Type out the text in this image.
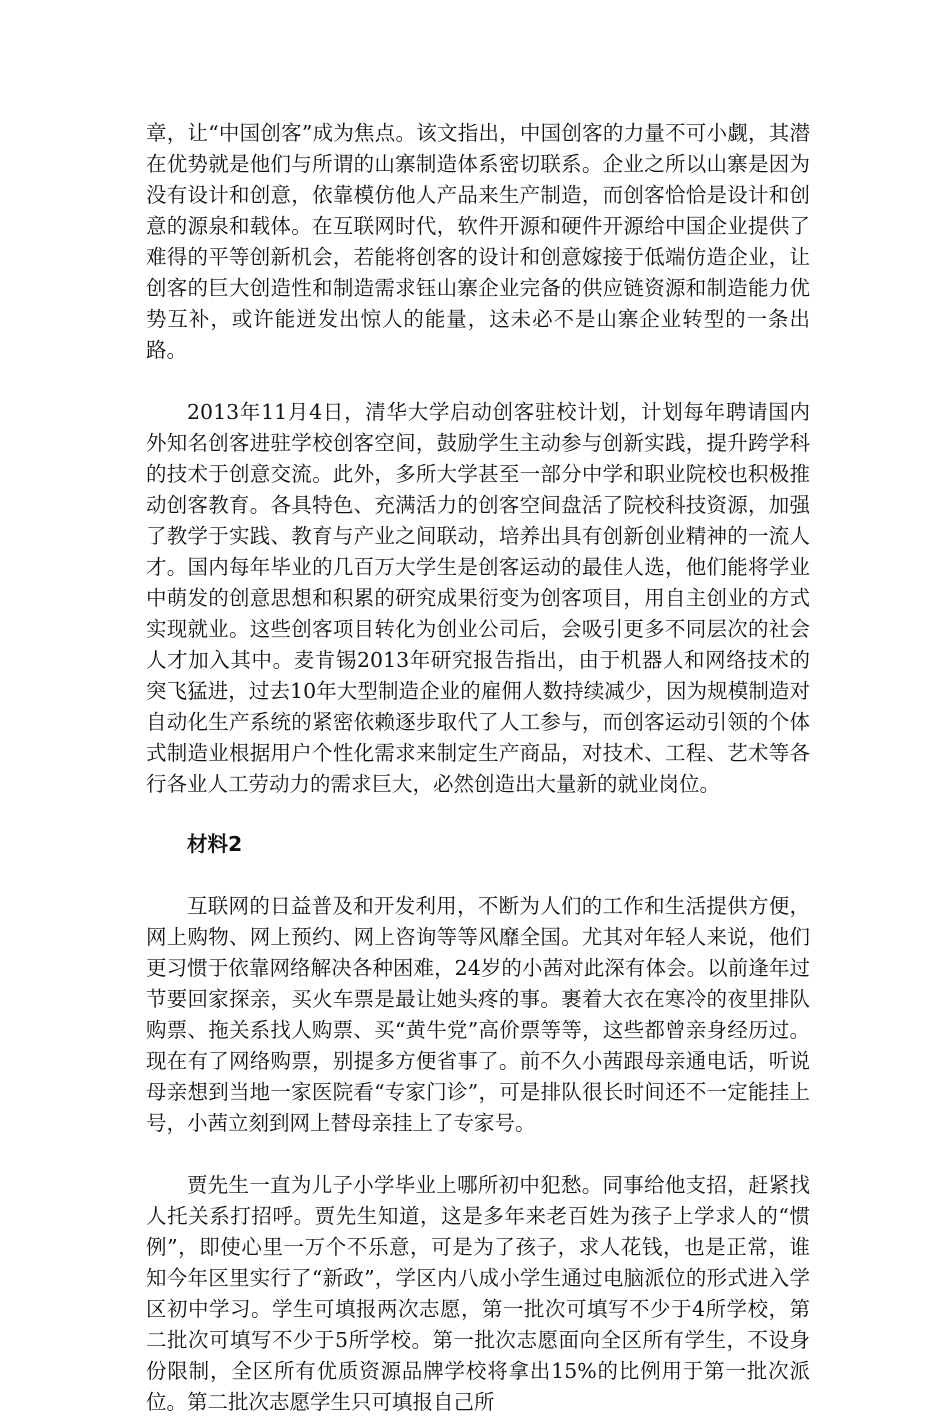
章，让“中国创客”成为焦点。该文指出，中国创客的力量不可小觑，其潜在优势就是他们与所谓的山寨制造体系密切联系。企业之所以山寨是因为没有设计和创意，依靠模仿他人产品来生产制造，而创客恰恰是设计和创意的源泉和载体。在互联网时代，软件开源和硬件开源给中国企业提供了难得的平等创新机会，若能将创客的设计和创意嫁接于低端仿造企业，让创客的巨大创造性和制造需求钰山寨企业完备的供应链资源和制造能力优势互补，或许能迸发出惊人的能量，这未必不是山寨企业转型的一条出路。

2013年11月4日，清华大学启动创客驻校计划，计划每年聘请国内外知名创客进驻学校创客空间，鼓励学生主动参与创新实践，提升跨学科的技术于创意交流。此外，多所大学甚至一部分中学和职业院校也积极推动创客教育。各具特色、充满活力的创客空间盘活了院校科技资源，加强了教学于实践、教育与产业之间联动，培养出具有创新创业精神的一流人才。国内每年毕业的几百万大学生是创客运动的最佳人选，他们能将学业中萌发的创意思想和积累的研究成果衍变为创客项目，用自主创业的方式实现就业。这些创客项目转化为创业公司后，会吸引更多不同层次的社会人才加入其中。麦肯锡2013年研究报告指出，由于机器人和网络技术的突飞猛进，过去10年大型制造企业的雇佣人数持续减少，因为规模制造对自动化生产系统的紧密依赖逐步取代了人工参与，而创客运动引领的个体式制造业根据用户个性化需求来制定生产商品，对技术、工程、艺术等各行各业人工劳动力的需求巨大，必然创造出大量新的就业岗位。

材料2

互联网的日益普及和开发利用，不断为人们的工作和生活提供方便，网上购物、网上预约、网上咨询等等风靡全国。尤其对年轻人来说，他们更习惯于依靠网络解决各种困难，24岁的小茜对此深有体会。以前逢年过节要回家探亲，买火车票是最让她头疼的事。裹着大衣在寒冷的夜里排队购票、拖关系找人购票、买“黄牛党”高价票等等，这些都曾亲身经历过。现在有了网络购票，别提多方便省事了。前不久小茜跟母亲通电话，听说母亲想到当地一家医院看“专家门诊”，可是排队很长时间还不一定能挂上号，小茜立刻到网上替母亲挂上了专家号。

贾先生一直为儿子小学毕业上哪所初中犯愁。同事给他支招，赶紧找人托关系打招呼。贾先生知道，这是多年来老百姓为孩子上学求人的“惯例”，即使心里一万个不乐意，可是为了孩子，求人花钱，也是正常，谁知今年区里实行了“新政”，学区内八成小学生通过电脑派位的形式进入学区初中学习。学生可填报两次志愿，第一批次可填写不少于4所学校，第二批次可填写不少于5所学校。第一批次志愿面向全区所有学生，不设身份限制，全区所有优质资源品牌学校将拿出15%的比例用于第一批次派位。第二批次志愿学生只可填报自己所
